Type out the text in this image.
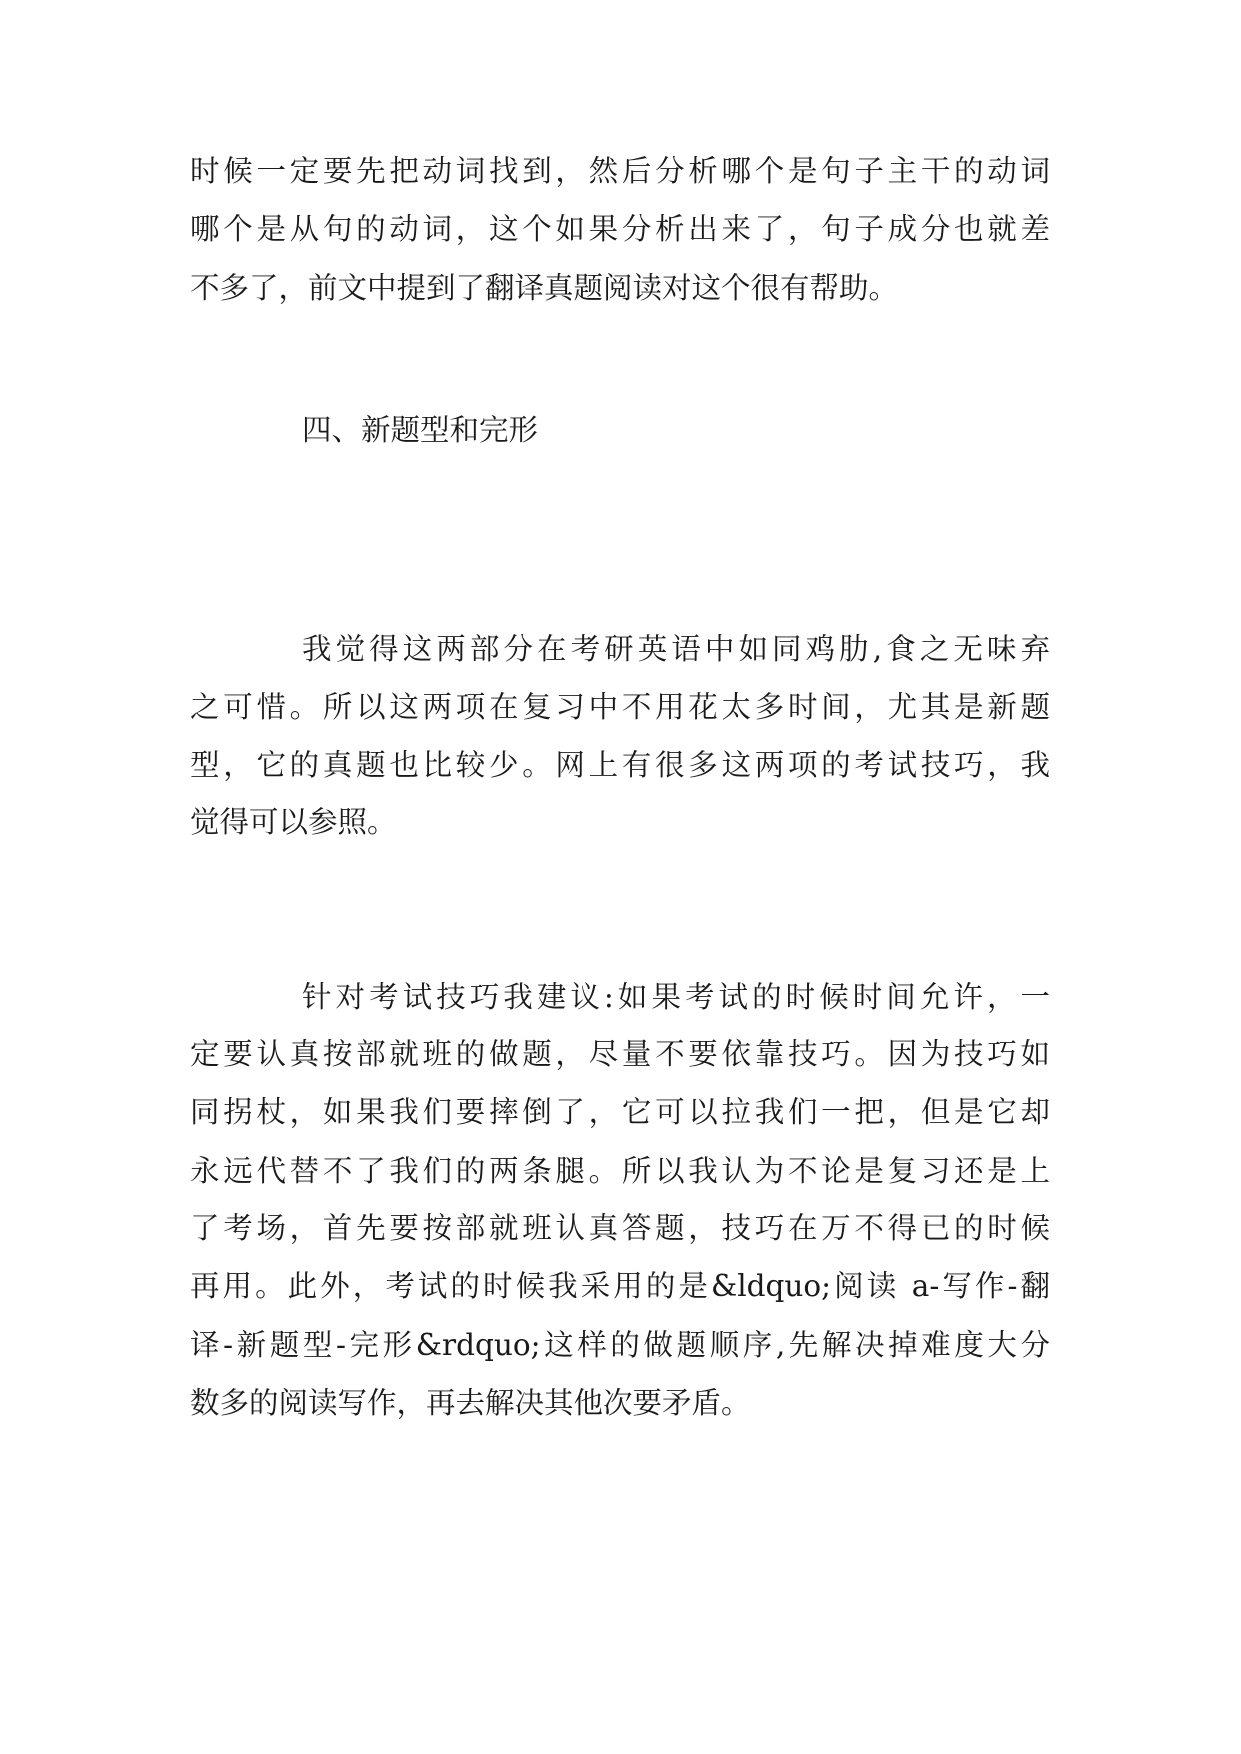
时候一定要先把动词找到，然后分析哪个是句子主干的动词
哪个是从句的动词，这个如果分析出来了，句子成分也就差
不多了，前文中提到了翻译真题阅读对这个很有帮助。
四、新题型和完形
我觉得这两部分在考研英语中如同鸡肋,食之无味弃
之可惜。所以这两项在复习中不用花太多时间，尤其是新题
型，它的真题也比较少。网上有很多这两项的考试技巧，我
觉得可以参照。
针对考试技巧我建议:如果考试的时候时间允许，一
定要认真按部就班的做题，尽量不要依靠技巧。因为技巧如
同拐杖，如果我们要摔倒了，它可以拉我们一把，但是它却
永远代替不了我们的两条腿。所以我认为不论是复习还是上
了考场，首先要按部就班认真答题，技巧在万不得已的时候
再用。此外，考试的时候我采用的是&ldquo;阅读 a-写作-翻
译-新题型-完形&rdquo;这样的做题顺序,先解决掉难度大分
数多的阅读写作，再去解决其他次要矛盾。
